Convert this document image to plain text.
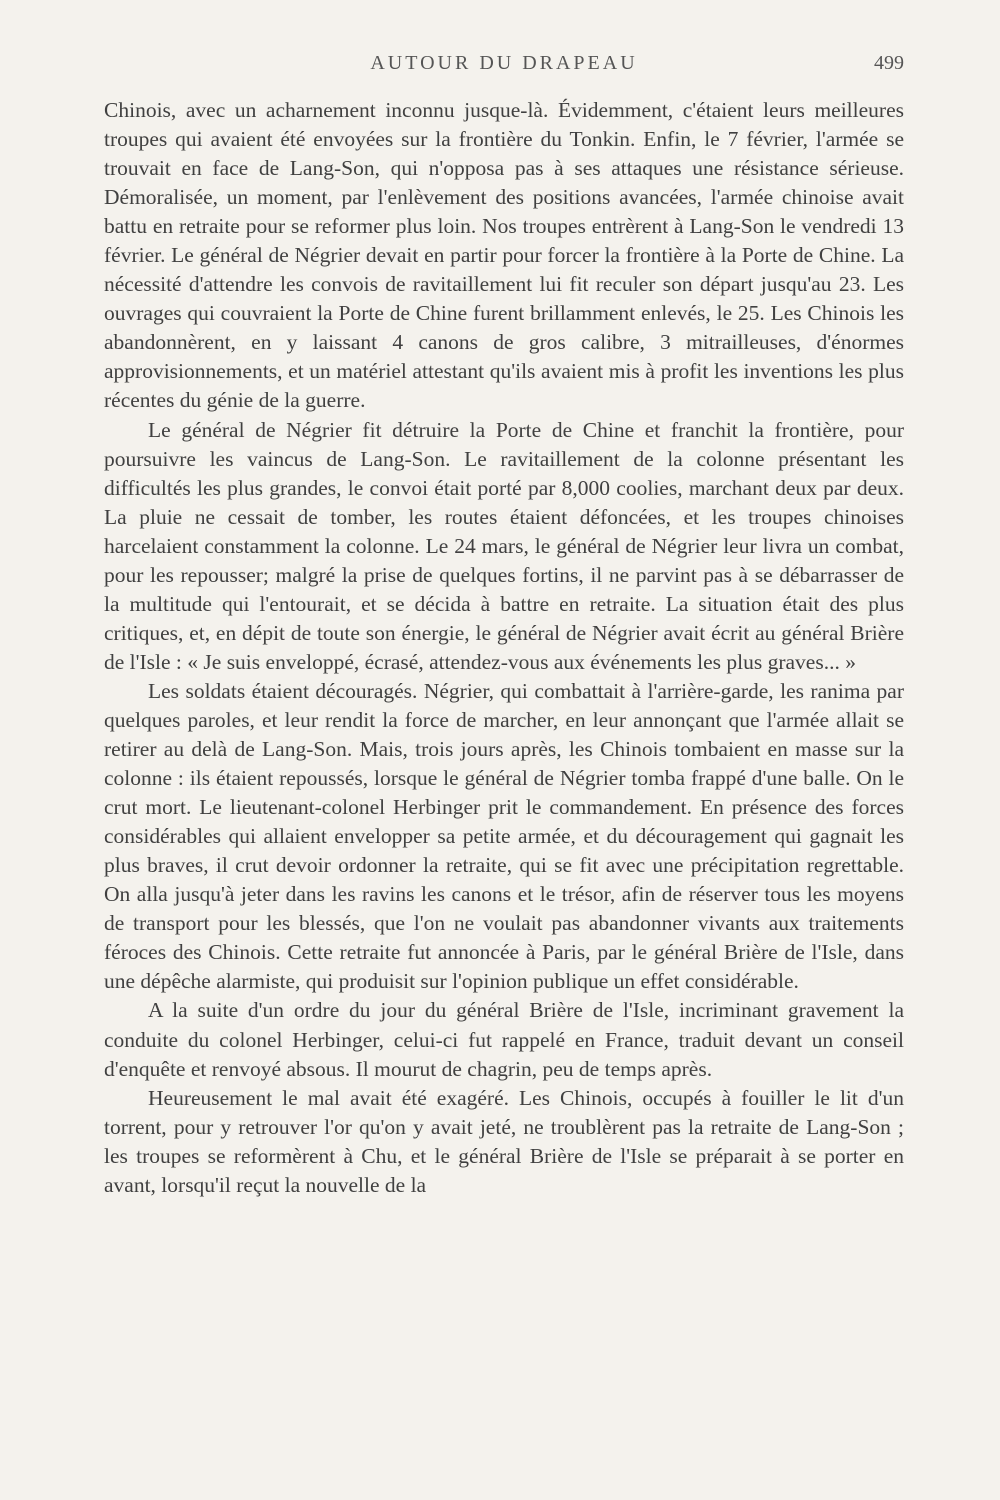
AUTOUR DU DRAPEAU	499

Chinois, avec un acharnement inconnu jusque-là. Évidemment, c'étaient leurs meilleures troupes qui avaient été envoyées sur la frontière du Tonkin. Enfin, le 7 février, l'armée se trouvait en face de Lang-Son, qui n'opposa pas à ses attaques une résistance sérieuse. Démoralisée, un moment, par l'enlèvement des positions avancées, l'armée chinoise avait battu en retraite pour se reformer plus loin. Nos troupes entrèrent à Lang-Son le vendredi 13 février. Le général de Négrier devait en partir pour forcer la frontière à la Porte de Chine. La nécessité d'attendre les convois de ravitaillement lui fit reculer son départ jusqu'au 23. Les ouvrages qui couvraient la Porte de Chine furent brillamment enlevés, le 25. Les Chinois les abandonnèrent, en y laissant 4 canons de gros calibre, 3 mitrailleuses, d'énormes approvisionnements, et un matériel attestant qu'ils avaient mis à profit les inventions les plus récentes du génie de la guerre.

Le général de Négrier fit détruire la Porte de Chine et franchit la frontière, pour poursuivre les vaincus de Lang-Son. Le ravitaillement de la colonne présentant les difficultés les plus grandes, le convoi était porté par 8,000 coolies, marchant deux par deux. La pluie ne cessait de tomber, les routes étaient défoncées, et les troupes chinoises harcelaient constamment la colonne. Le 24 mars, le général de Négrier leur livra un combat, pour les repousser; malgré la prise de quelques fortins, il ne parvint pas à se débarrasser de la multitude qui l'entourait, et se décida à battre en retraite. La situation était des plus critiques, et, en dépit de toute son énergie, le général de Négrier avait écrit au général Brière de l'Isle : « Je suis enveloppé, écrasé, attendez-vous aux événements les plus graves... »

Les soldats étaient découragés. Négrier, qui combattait à l'arrière-garde, les ranima par quelques paroles, et leur rendit la force de marcher, en leur annonçant que l'armée allait se retirer au delà de Lang-Son. Mais, trois jours après, les Chinois tombaient en masse sur la colonne : ils étaient repoussés, lorsque le général de Négrier tomba frappé d'une balle. On le crut mort. Le lieutenant-colonel Herbinger prit le commandement. En présence des forces considérables qui allaient envelopper sa petite armée, et du découragement qui gagnait les plus braves, il crut devoir ordonner la retraite, qui se fit avec une précipitation regrettable. On alla jusqu'à jeter dans les ravins les canons et le trésor, afin de réserver tous les moyens de transport pour les blessés, que l'on ne voulait pas abandonner vivants aux traitements féroces des Chinois. Cette retraite fut annoncée à Paris, par le général Brière de l'Isle, dans une dépêche alarmiste, qui produisit sur l'opinion publique un effet considérable.

A la suite d'un ordre du jour du général Brière de l'Isle, incriminant gravement la conduite du colonel Herbinger, celui-ci fut rappelé en France, traduit devant un conseil d'enquête et renvoyé absous. Il mourut de chagrin, peu de temps après.

Heureusement le mal avait été exagéré. Les Chinois, occupés à fouiller le lit d'un torrent, pour y retrouver l'or qu'on y avait jeté, ne troublèrent pas la retraite de Lang-Son ; les troupes se reformèrent à Chu, et le général Brière de l'Isle se préparait à se porter en avant, lorsqu'il reçut la nouvelle de la
